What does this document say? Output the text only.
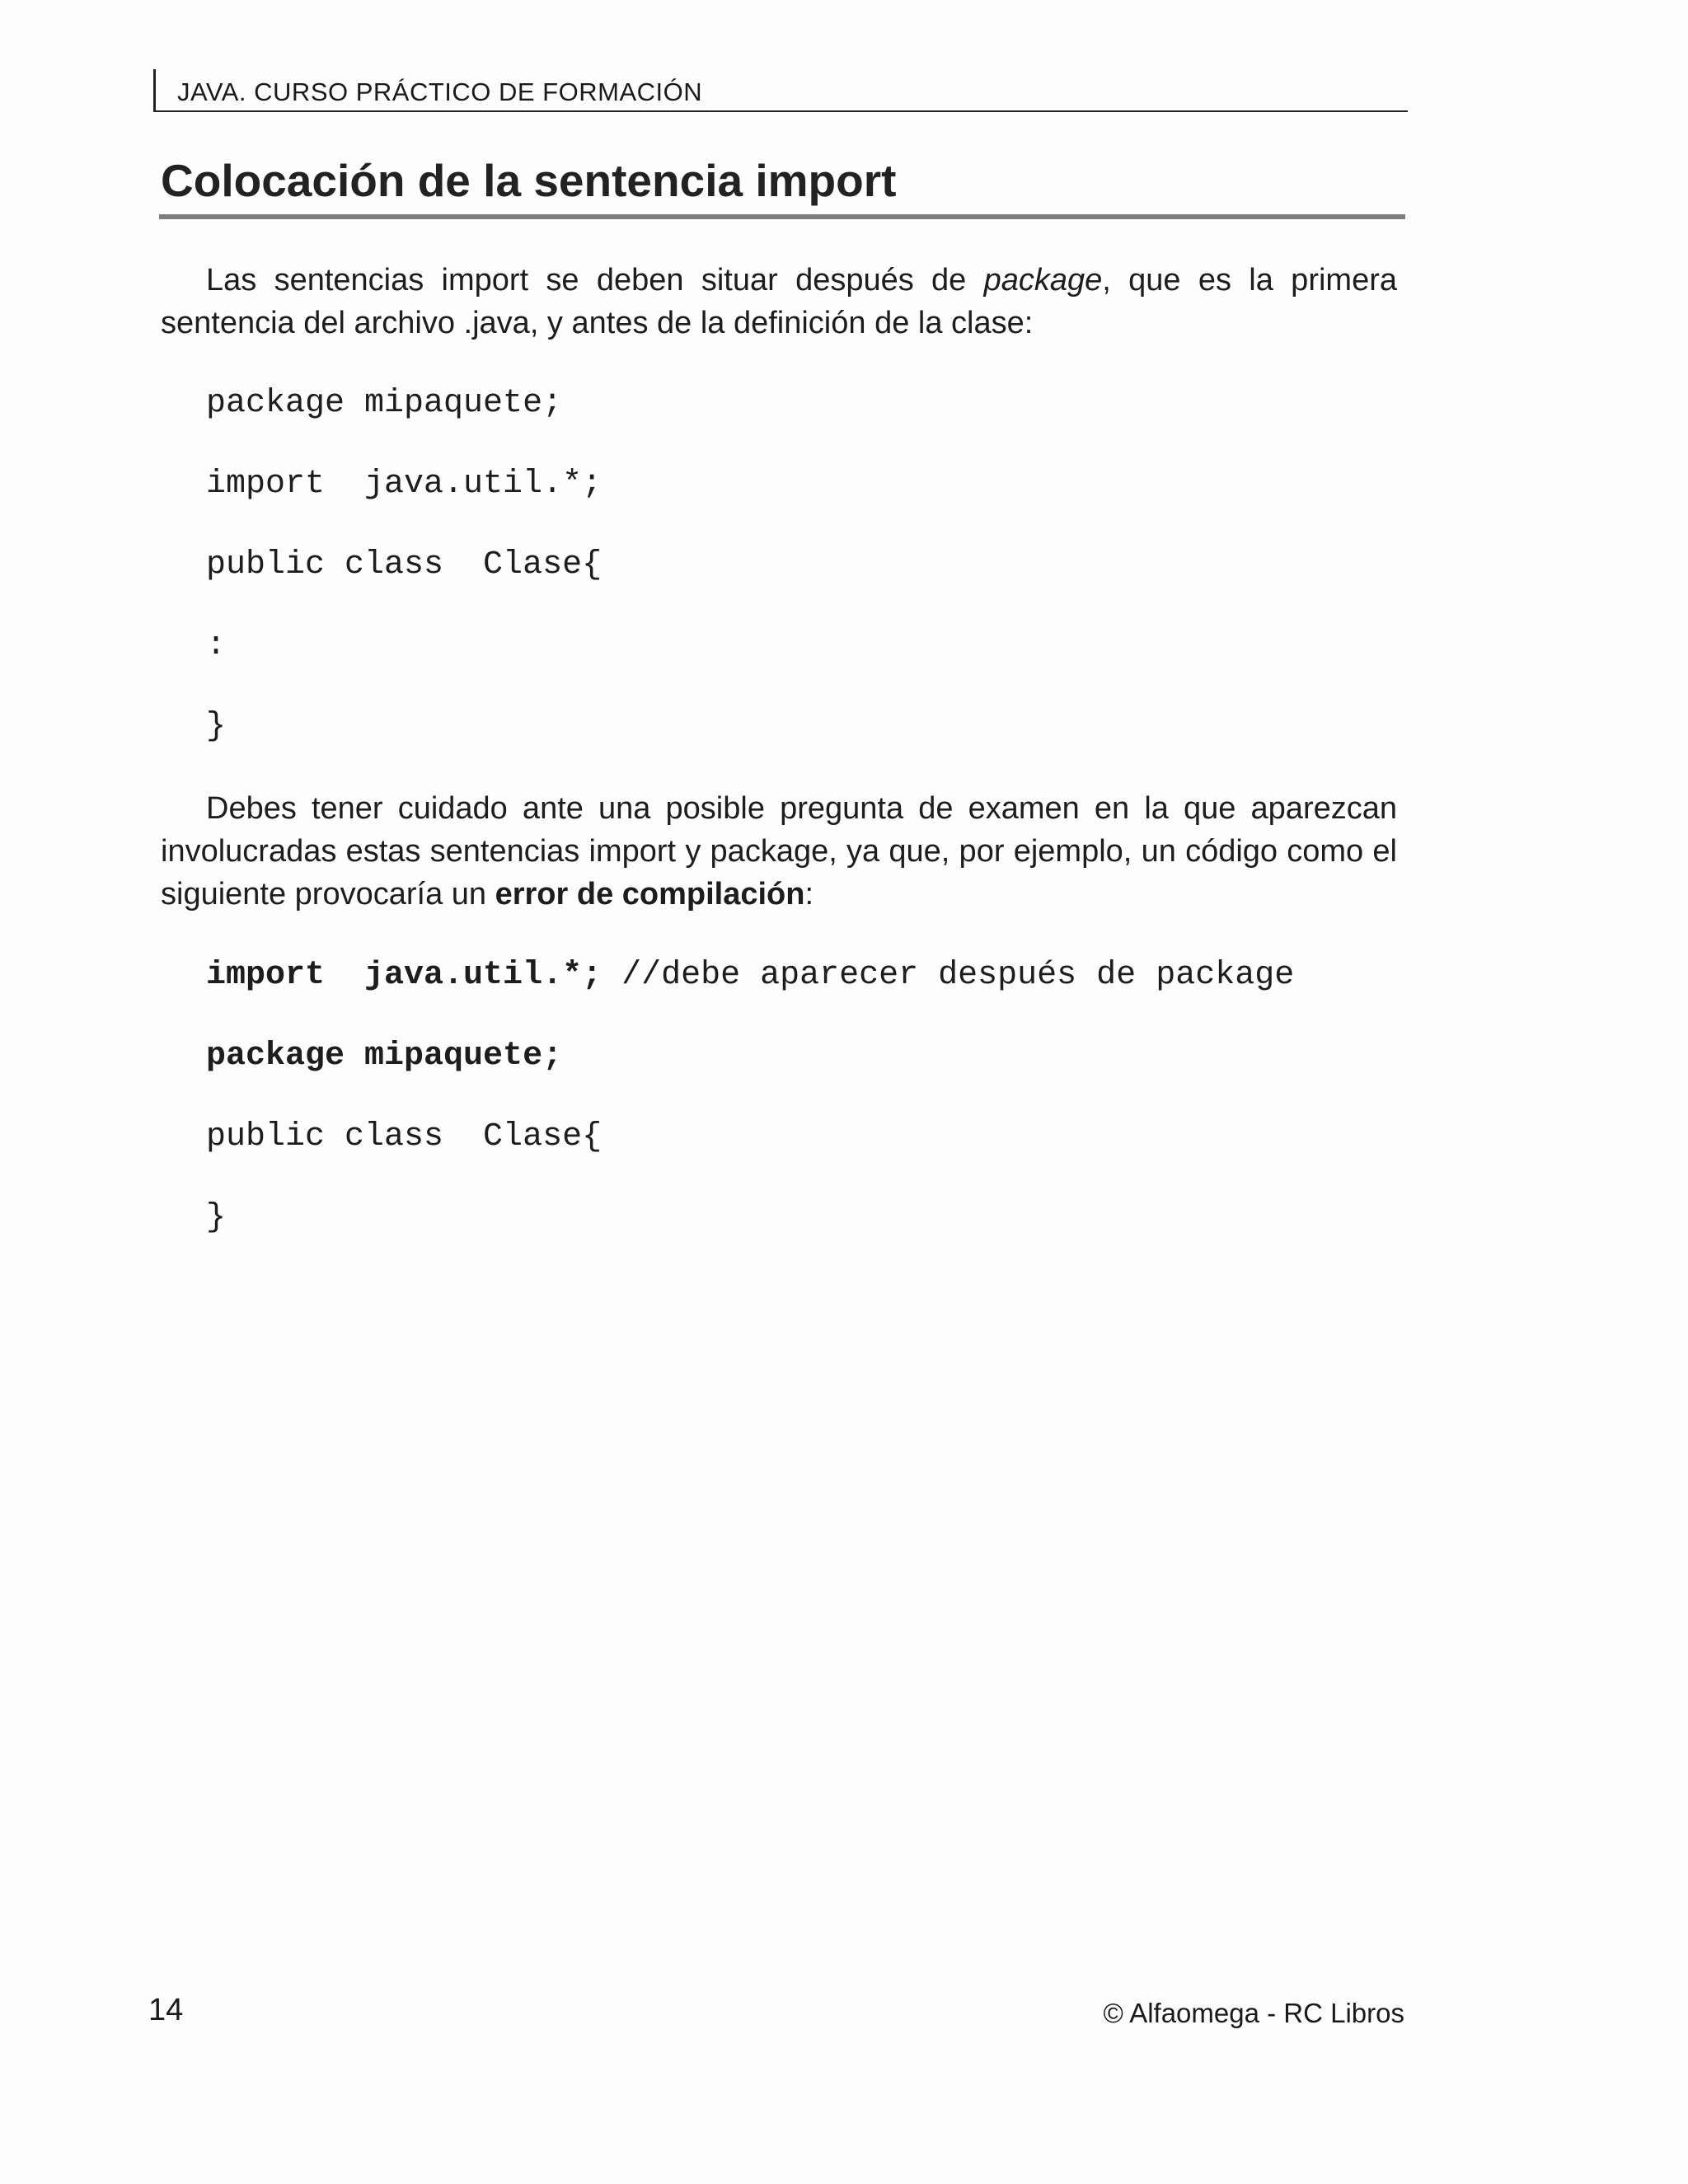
JAVA. CURSO PRÁCTICO DE FORMACIÓN
Colocación de la sentencia import

Las sentencias import se deben situar después de package, que es la primera sentencia del archivo .java, y antes de la definición de la clase:

package mipaquete;
import  java.util.*;
public class  Clase{
:
}

Debes tener cuidado ante una posible pregunta de examen en la que aparezcan involucradas estas sentencias import y package, ya que, por ejemplo, un código como el siguiente provocaría un error de compilación:

import  java.util.*; //debe aparecer después de package
package mipaquete;
public class  Clase{
}
14	© Alfaomega - RC Libros
